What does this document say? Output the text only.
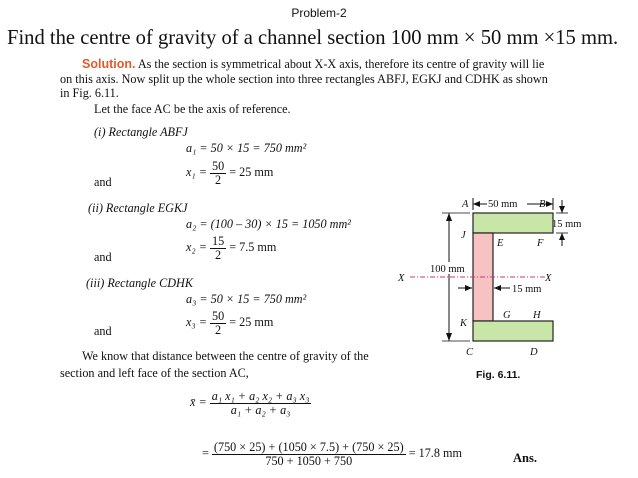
Problem-2
Find the centre of gravity of a channel section 100 mm × 50 mm ×15 mm.
Solution. As the section is symmetrical about X-X axis, therefore its centre of gravity will lie
on this axis. Now split up the whole section into three rectangles ABFJ, EGKJ and CDHK as shown
in Fig. 6.11.
Let the face AC be the axis of reference.
(i) Rectangle ABFJ
a₁ = 50 × 15 = 750 mm²
and
$x_1 = \frac{50}{2} = 25$ mm
(ii) Rectangle EGKJ
a₂ = (100 – 30) × 15 = 1050 mm²
and
$x_2 = \frac{15}{2} = 7.5$ mm
(iii) Rectangle CDHK
a₃ = 50 × 15 = 750 mm²
and
$x_3 = \frac{50}{2} = 25$ mm
We know that distance between the centre of gravity of the
section and left face of the section AC,
x̄ = $\frac{\text{a₁ x₁ + a₂ x₂ + a₃ x₃}}{\text{a₁ + a₂ + a₃}}$
= $\frac{(750 \times 25) + (1050 \times 7.5) + (750 \times 25)}{750 + 1050 + 750} = 17.8$ mm	Ans.
50 mm
15 mm
100 mm
15 mm
A	B
J
E	F
X	X
G H
K
C	D
Fig. 6.11.
